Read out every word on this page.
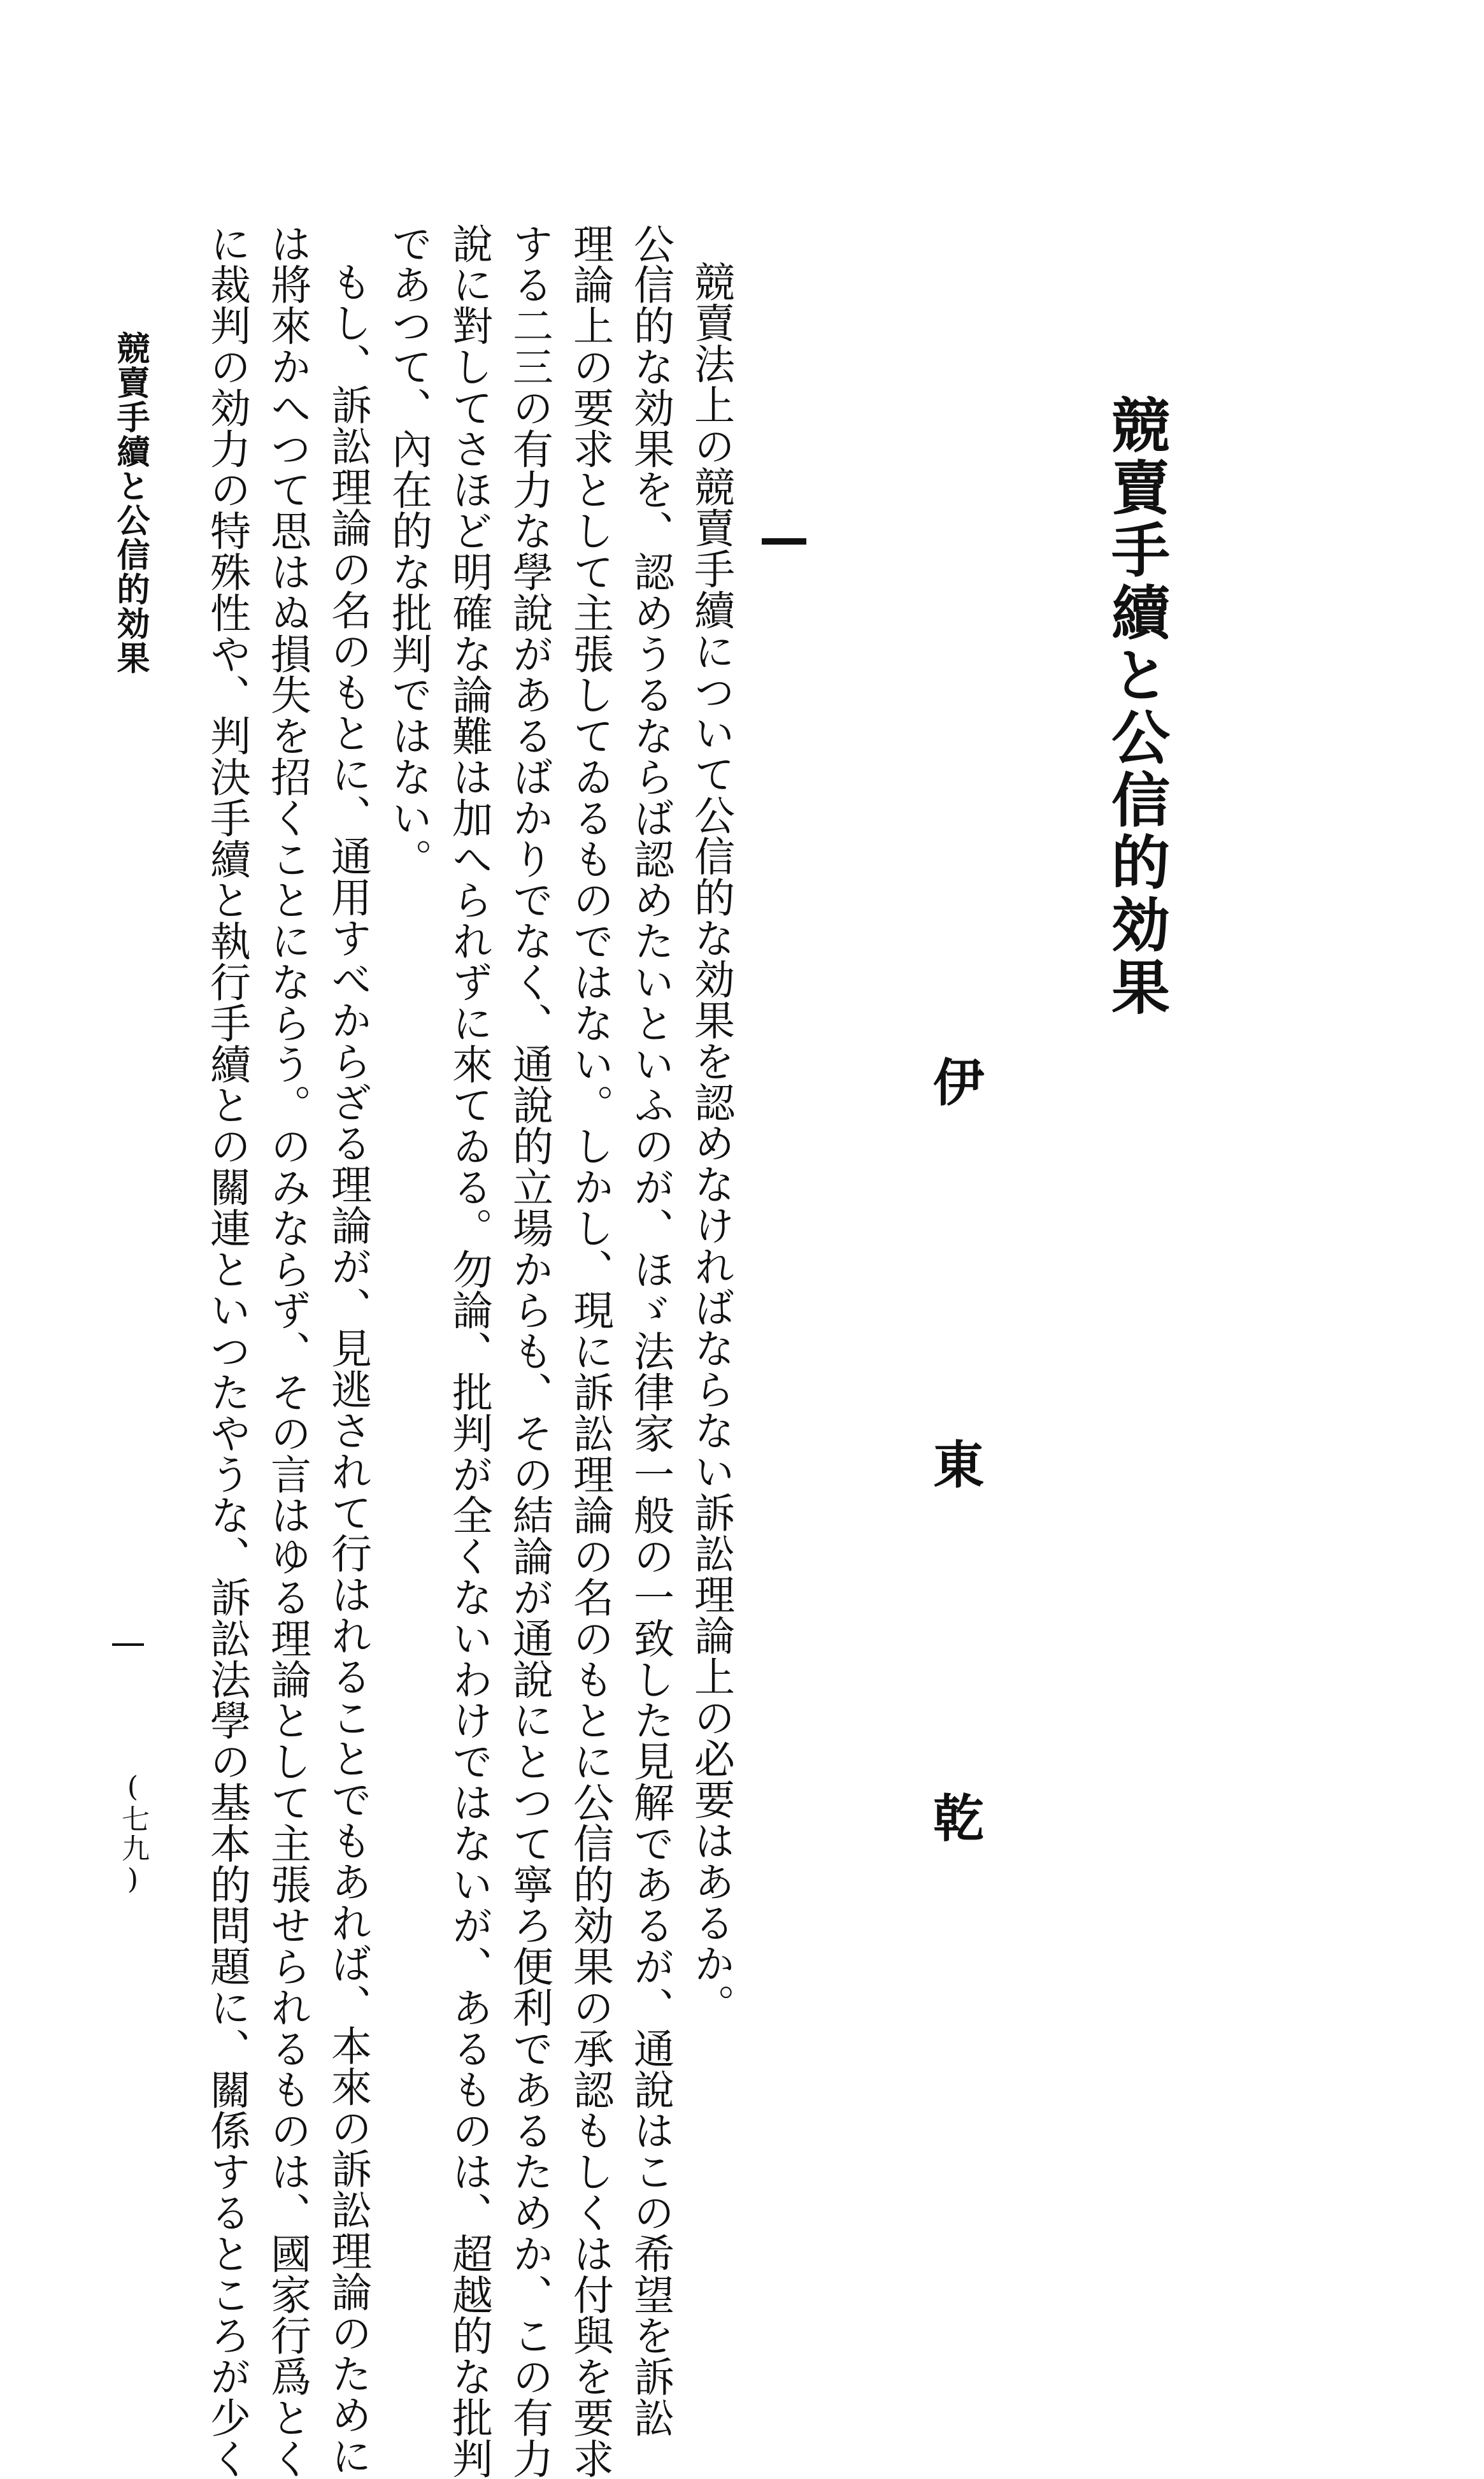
競賣手續と公信的効果
伊
東
乾
競賣法上の競賣手續について公信的な効果を認めなければならない訴訟理論上の必要はあるか。
公信的な効果を、認めうるならば認めたいといふのが、ほゞ法律家一般の一致した見解であるが、通說はこの希望を訴訟
理論上の要求として主張してゐるものではない。しかし、現に訴訟理論の名のもとに公信的効果の承認もしくは付與を要求
する二三の有力な學說があるばかりでなく、通說的立場からも、その結論が通說にとつて寧ろ便利であるためか、この有力
說に對してさほど明確な論難は加へられずに來てゐる。勿論、批判が全くないわけではないが、あるものは、超越的な批判
であつて、內在的な批判ではない。
もし、訴訟理論の名のもとに、通用すべからざる理論が、見逃されて行はれることでもあれば、本來の訴訟理論のために
は將來かへつて思はぬ損失を招くことにならう。のみならず、その言はゆる理論として主張せられるものは、國家行爲とく
に裁判の効力の特殊性や、判決手續と執行手續との關連といつたやうな、訴訟法學の基本的問題に、關係するところが少く
競賣手續と公信的効果
(七九)
